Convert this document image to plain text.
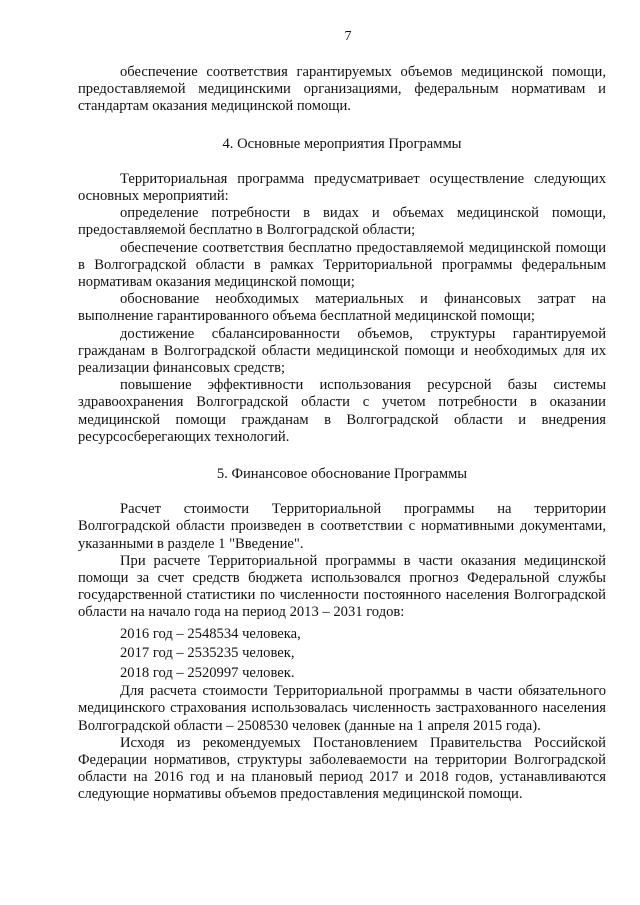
7

обеспечение соответствия гарантируемых объемов медицинской помощи, предоставляемой медицинскими организациями, федеральным нормативам и стандартам оказания медицинской помощи.

4. Основные мероприятия Программы

Территориальная программа предусматривает осуществление следующих основных мероприятий:

определение потребности в видах и объемах медицинской помощи, предоставляемой бесплатно в Волгоградской области;

обеспечение соответствия бесплатно предоставляемой медицинской помощи в Волгоградской области в рамках Территориальной программы федеральным нормативам оказания медицинской помощи;

обоснование необходимых материальных и финансовых затрат на выполнение гарантированного объема бесплатной медицинской помощи;

достижение сбалансированности объемов, структуры гарантируемой гражданам в Волгоградской области медицинской помощи и необходимых для их реализации финансовых средств;

повышение эффективности использования ресурсной базы системы здравоохранения Волгоградской области с учетом потребности в оказании медицинской помощи гражданам в Волгоградской области и внедрения ресурсосберегающих технологий.

5. Финансовое обоснование Программы

Расчет стоимости Территориальной программы на территории Волгоградской области произведен в соответствии с нормативными документами, указанными в разделе 1 "Введение".

При расчете Территориальной программы в части оказания медицинской помощи за счет средств бюджета использовался прогноз Федеральной службы государственной статистики по численности постоянного населения Волгоградской области на начало года на период 2013 – 2031 годов:

2016 год – 2548534 человека,

2017 год – 2535235 человек,

2018 год – 2520997 человек.

Для расчета стоимости Территориальной программы в части обязательного медицинского страхования использовалась численность застрахованного населения Волгоградской области – 2508530 человек (данные на 1 апреля 2015 года).

Исходя из рекомендуемых Постановлением Правительства Российской Федерации нормативов, структуры заболеваемости на территории Волгоградской области на 2016 год и на плановый период 2017 и 2018 годов, устанавливаются следующие нормативы объемов предоставления медицинской помощи.
